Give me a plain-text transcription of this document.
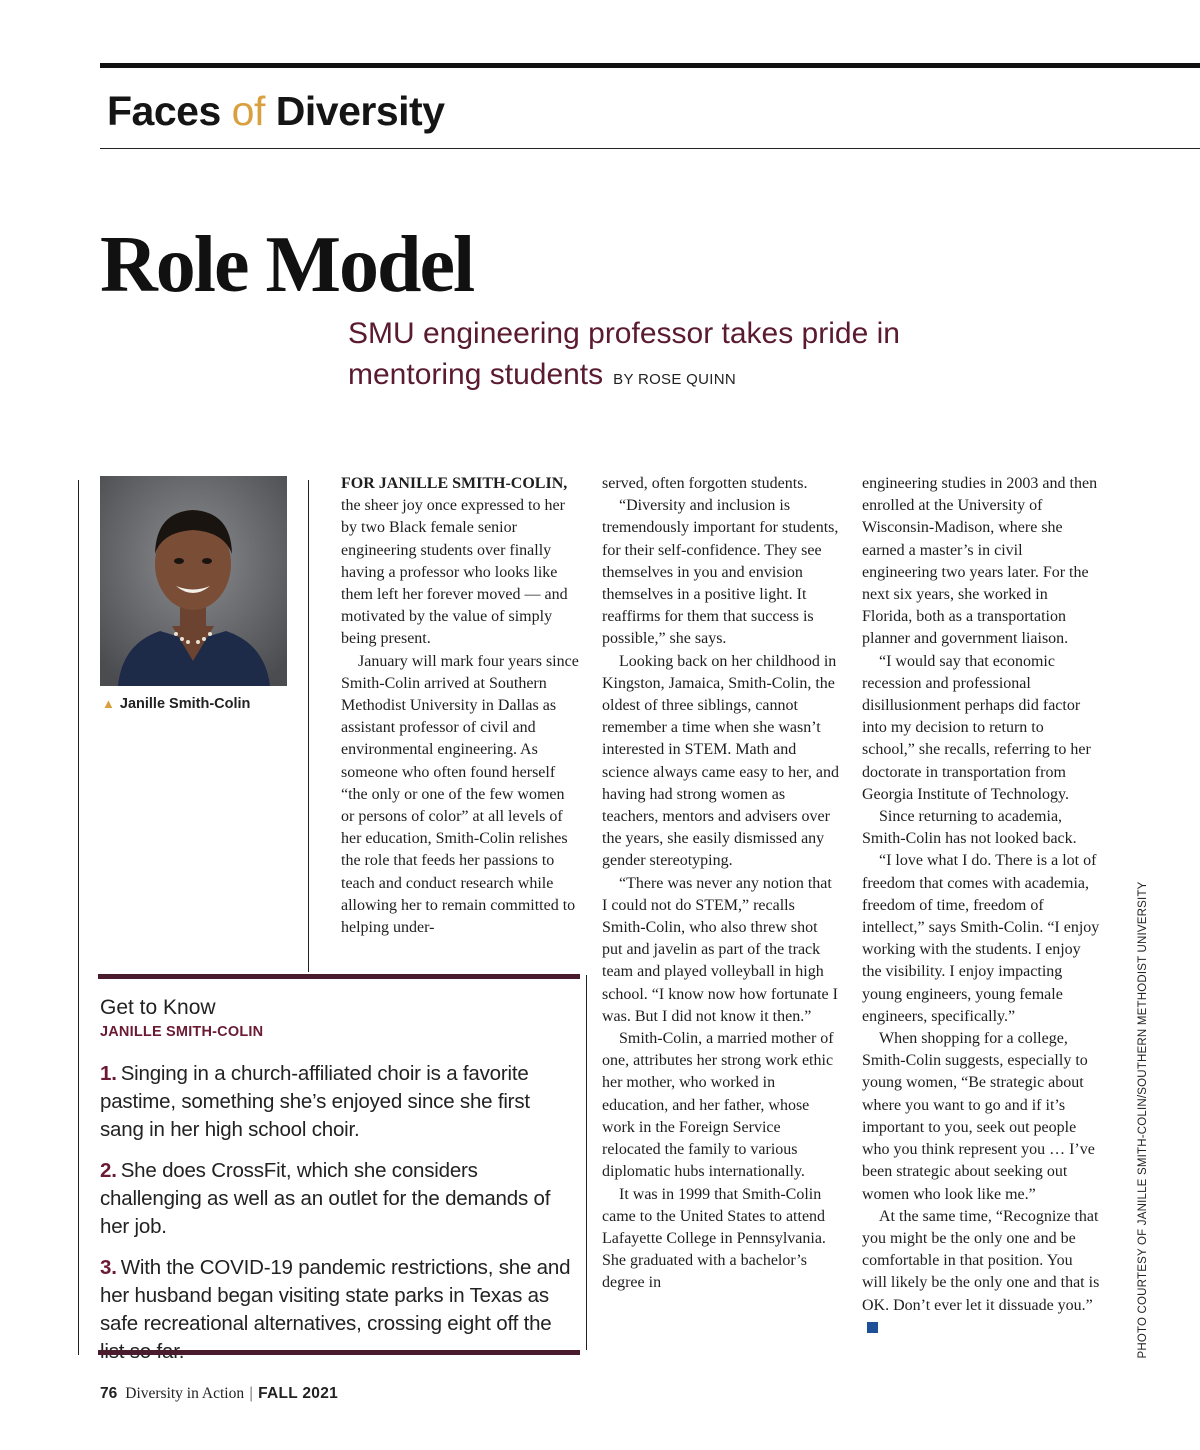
Faces of Diversity
Role Model
SMU engineering professor takes pride in mentoring students BY ROSE QUINN
▲ Janille Smith-Colin

FOR JANILLE SMITH-COLIN,
the sheer joy once expressed to her by two Black female senior engineering students over finally having a professor who looks like them left her forever moved — and motivated by the value of simply being present.

January will mark four years since Smith-Colin arrived at Southern Methodist University in Dallas as assistant professor of civil and environmental engineering. As someone who often found herself “the only or one of the few women or persons of color” at all levels of her education, Smith-Colin relishes the role that feeds her passions to teach and conduct research while allowing her to remain committed to helping under-

served, often forgotten students.

“Diversity and inclusion is tremendously important for students, for their self-confidence. They see themselves in you and envision themselves in a positive light. It reaffirms for them that success is possible,” she says.

Looking back on her childhood in Kingston, Jamaica, Smith-Colin, the oldest of three siblings, cannot remember a time when she wasn’t interested in STEM. Math and science always came easy to her, and having had strong women as teachers, mentors and advisers over the years, she easily dismissed any gender stereotyping.

“There was never any notion that I could not do STEM,” recalls Smith-Colin, who also threw shot put and javelin as part of the track team and played volleyball in high school. “I know now how fortunate I was. But I did not know it then.”

Smith-Colin, a married mother of one, attributes her strong work ethic her mother, who worked in education, and her father, whose work in the Foreign Service relocated the family to various diplomatic hubs internationally.

It was in 1999 that Smith-Colin came to the United States to attend Lafayette College in Pennsylvania. She graduated with a bachelor’s degree in

engineering studies in 2003 and then enrolled at the University of Wisconsin-Madison, where she earned a master’s in civil engineering two years later. For the next six years, she worked in Florida, both as a transportation planner and government liaison.

“I would say that economic recession and professional disillusionment perhaps did factor into my decision to return to school,” she recalls, referring to her doctorate in transportation from Georgia Institute of Technology.

Since returning to academia, Smith-Colin has not looked back.

“I love what I do. There is a lot of freedom that comes with academia, freedom of time, freedom of intellect,” says Smith-Colin. “I enjoy working with the students. I enjoy the visibility. I enjoy impacting young engineers, young female engineers, specifically.”

When shopping for a college, Smith-Colin suggests, especially to young women, “Be strategic about where you want to go and if it’s important to you, seek out people who you think represent you … I’ve been strategic about seeking out women who look like me.”

At the same time, “Recognize that you might be the only one and be comfortable in that position. You will likely be the only one and that is OK. Don’t ever let it dissuade you.”

Get to Know
JANILLE SMITH-COLIN
1. Singing in a church-affiliated choir is a favorite pastime, something she’s enjoyed since she first sang in her high school choir.
2. She does CrossFit, which she considers challenging as well as an outlet for the demands of her job.
3. With the COVID-19 pandemic restrictions, she and her husband began visiting state parks in Texas as safe recreational alternatives, crossing eight off the
76 Diversity in Action | FALL 2021
PHOTO COURTESY OF JANILLE SMITH-COLIN/SOUTHERN METHODIST UNIVERSITY
